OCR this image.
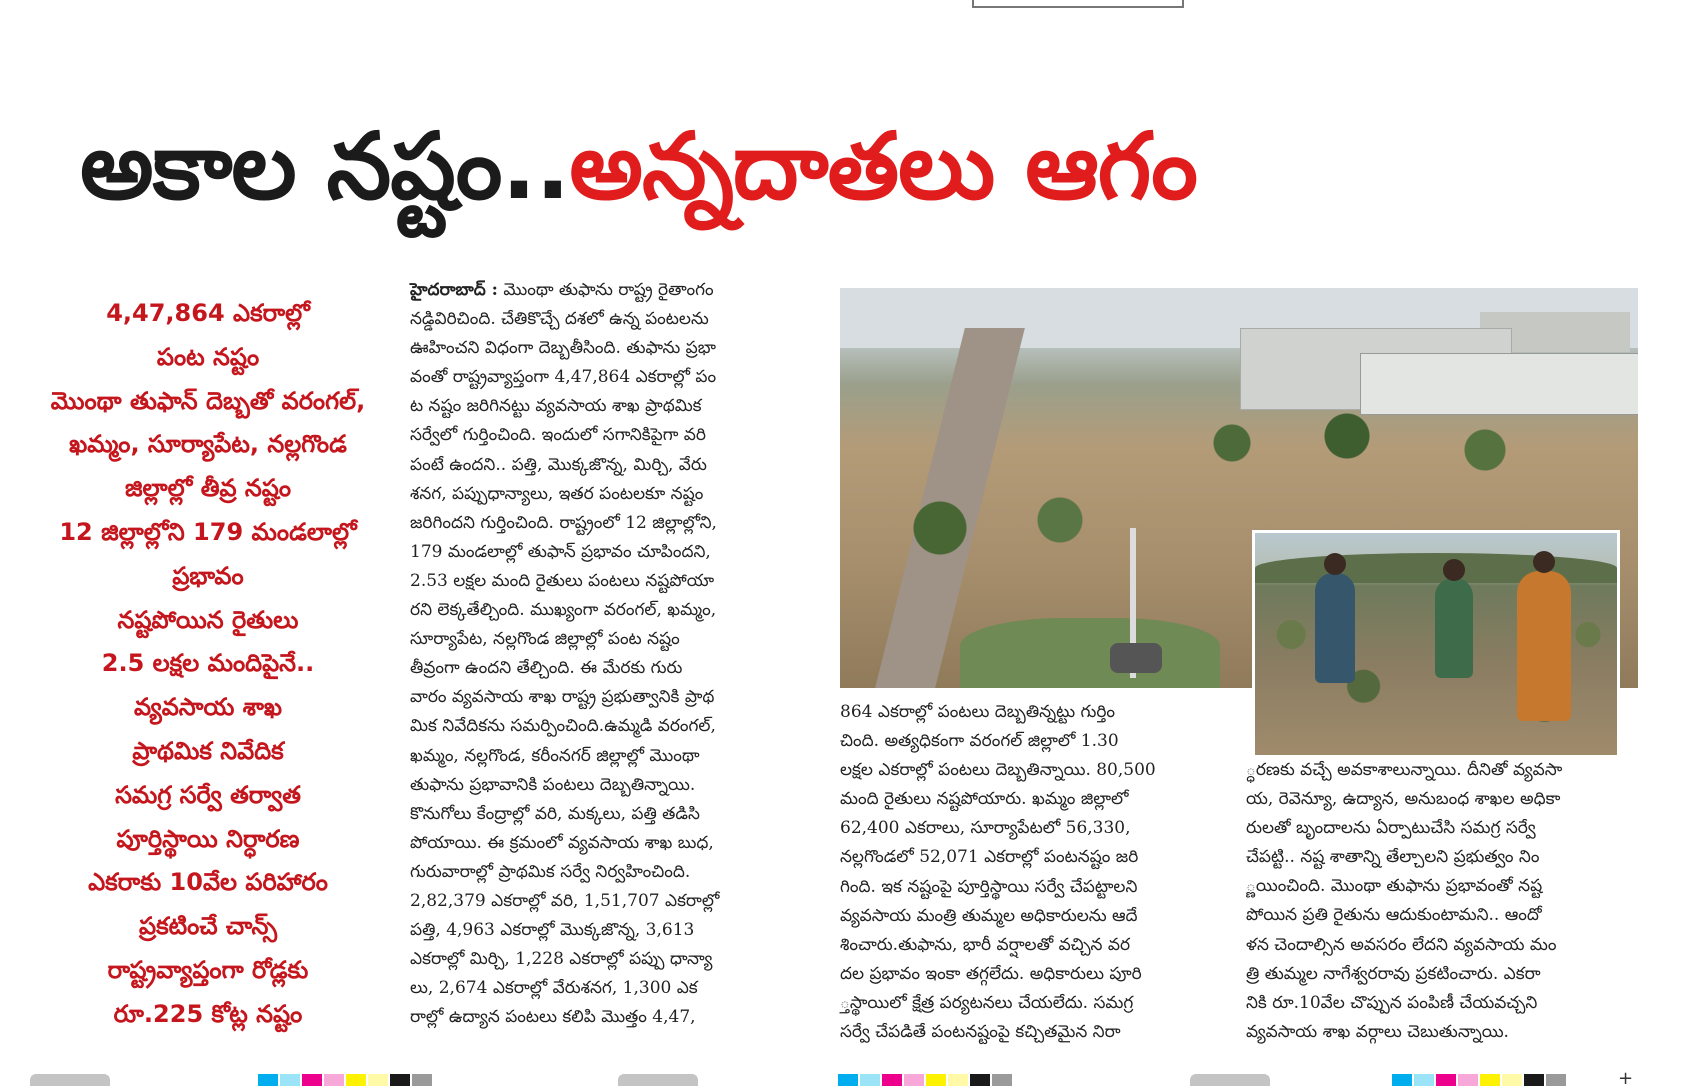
అకాల నష్టం..అన్నదాతలు ఆగం
4,47,864 ఎకరాల్లో
పంట నష్టం
మొంథా తుఫాన్ దెబ్బతో వరంగల్,
ఖమ్మం, సూర్యాపేట, నల్లగొండ
జిల్లాల్లో తీవ్ర నష్టం
12 జిల్లాల్లోని 179 మండలాల్లో
ప్రభావం
నష్టపోయిన రైతులు
2.5 లక్షల మందిపైనే..
వ్యవసాయ శాఖ
ప్రాథమిక నివేదిక
సమగ్ర సర్వే తర్వాత
పూర్తిస్థాయి నిర్ధారణ
ఎకరాకు 10వేల పరిహారం
ప్రకటించే చాన్స్
రాష్ట్రవ్యాప్తంగా రోడ్లకు
రూ.225 కోట్ల నష్టం
హైదరాబాద్ : మొంథా తుఫాను రాష్ట్ర రైతాంగం
నడ్డివిరిచింది. చేతికొచ్చే దశలో ఉన్న పంటలను
ఊహించని విధంగా దెబ్బతీసింది. తుఫాను ప్రభా
వంతో రాష్ట్రవ్యాప్తంగా 4,47,864 ఎకరాల్లో పం
ట నష్టం జరిగినట్టు వ్యవసాయ శాఖ ప్రాథమిక
సర్వేలో గుర్తించింది. ఇందులో సగానికిపైగా వరి
పంటే ఉందని.. పత్తి, మొక్కజొన్న, మిర్చి, వేరు
శనగ, పప్పుధాన్యాలు, ఇతర పంటలకూ నష్టం
జరిగిందని గుర్తించింది. రాష్ట్రంలో 12 జిల్లాల్లోని,
179 మండలాల్లో తుఫాన్ ప్రభావం చూపిందని,
2.53 లక్షల మంది రైతులు పంటలు నష్టపోయా
రని లెక్కతేల్చింది. ముఖ్యంగా వరంగల్, ఖమ్మం,
సూర్యాపేట, నల్లగొండ జిల్లాల్లో పంట నష్టం
తీవ్రంగా ఉందని తేల్చింది. ఈ మేరకు గురు
వారం వ్యవసాయ శాఖ రాష్ట్ర ప్రభుత్వానికి ప్రాథ
మిక నివేదికను సమర్పించింది.ఉమ్మడి వరంగల్,
ఖమ్మం, నల్లగొండ, కరీంనగర్ జిల్లాల్లో మొంథా
తుఫాను ప్రభావానికి పంటలు దెబ్బతిన్నాయి.
కొనుగోలు కేంద్రాల్లో వరి, మక్కలు, పత్తి తడిసి
పోయాయి. ఈ క్రమంలో వ్యవసాయ శాఖ బుధ,
గురువారాల్లో ప్రాథమిక సర్వే నిర్వహించింది.
2,82,379 ఎకరాల్లో వరి, 1,51,707 ఎకరాల్లో
పత్తి, 4,963 ఎకరాల్లో మొక్కజొన్న, 3,613
ఎకరాల్లో మిర్చి, 1,228 ఎకరాల్లో పప్పు ధాన్యా
లు, 2,674 ఎకరాల్లో వేరుశనగ, 1,300 ఎక
రాల్లో ఉద్యాన పంటలు కలిపి మొత్తం 4,47,
864 ఎకరాల్లో పంటలు దెబ్బతిన్నట్టు గుర్తిం
చింది. అత్యధికంగా వరంగల్ జిల్లాలో 1.30
లక్షల ఎకరాల్లో పంటలు దెబ్బతిన్నాయి. 80,500
మంది రైతులు నష్టపోయారు. ఖమ్మం జిల్లాలో
62,400 ఎకరాలు, సూర్యాపేటలో 56,330,
నల్లగొండలో 52,071 ఎకరాల్లో పంటనష్టం జరి
గింది. ఇక నష్టంపై పూర్తిస్థాయి సర్వే చేపట్టాలని
వ్యవసాయ మంత్రి తుమ్మల అధికారులను ఆదే
శించారు.తుఫాను, భారీ వర్షాలతో వచ్చిన వర
దల ప్రభావం ఇంకా తగ్గలేదు. అధికారులు పూరి
్తస్థాయిలో క్షేత్ర పర్యటనలు చేయలేదు. సమగ్ర
సర్వే చేపడితే పంటనష్టంపై కచ్చితమైన నిరా
్ధరణకు వచ్చే అవకాశాలున్నాయి. దీనితో వ్యవసా
య, రెవెన్యూ, ఉద్యాన, అనుబంధ శాఖల అధికా
రులతో బృందాలను ఏర్పాటుచేసి సమగ్ర సర్వే
చేపట్టి.. నష్ట శాతాన్ని తేల్చాలని ప్రభుత్వం నిం
్ణయించింది. మొంథా తుఫాను ప్రభావంతో నష్ట
పోయిన ప్రతి రైతును ఆదుకుంటామని.. ఆందో
ళన చెందాల్సిన అవసరం లేదని వ్యవసాయ మం
త్రి తుమ్మల నాగేశ్వరరావు ప్రకటించారు. ఎకరా
నికి రూ.10వేల చొప్పున పంపిణీ చేయవచ్చని
వ్యవసాయ శాఖ వర్గాలు చెబుతున్నాయి.
+
